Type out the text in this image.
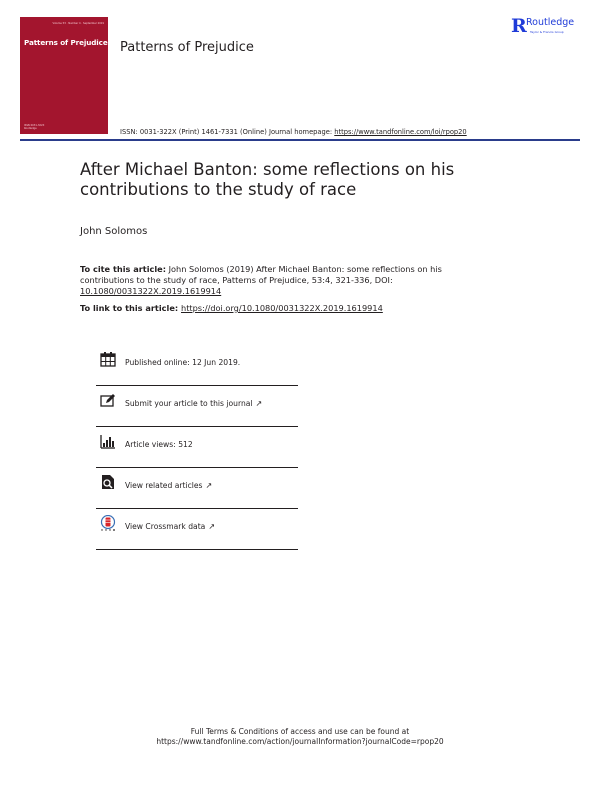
Volume 53 · Number 4 · September 2019
Patterns of Prejudice
ISSN 0031-322X
Routledge
Patterns of Prejudice
R Routledge
Taylor & Francis Group
ISSN: 0031-322X (Print) 1461-7331 (Online) Journal homepage: https://www.tandfonline.com/loi/rpop20
After Michael Banton: some reflections on his contributions to the study of race
John Solomos
To cite this article: John Solomos (2019) After Michael Banton: some reflections on his contributions to the study of race, Patterns of Prejudice, 53:4, 321-336, DOI:
10.1080/0031322X.2019.1619914
To link to this article: https://doi.org/10.1080/0031322X.2019.1619914
Published online: 12 Jun 2019.
Submit your article to this journal ↗
Article views: 512
View related articles ↗
View Crossmark data ↗
Full Terms & Conditions of access and use can be found at
https://www.tandfonline.com/action/journalInformation?journalCode=rpop20
